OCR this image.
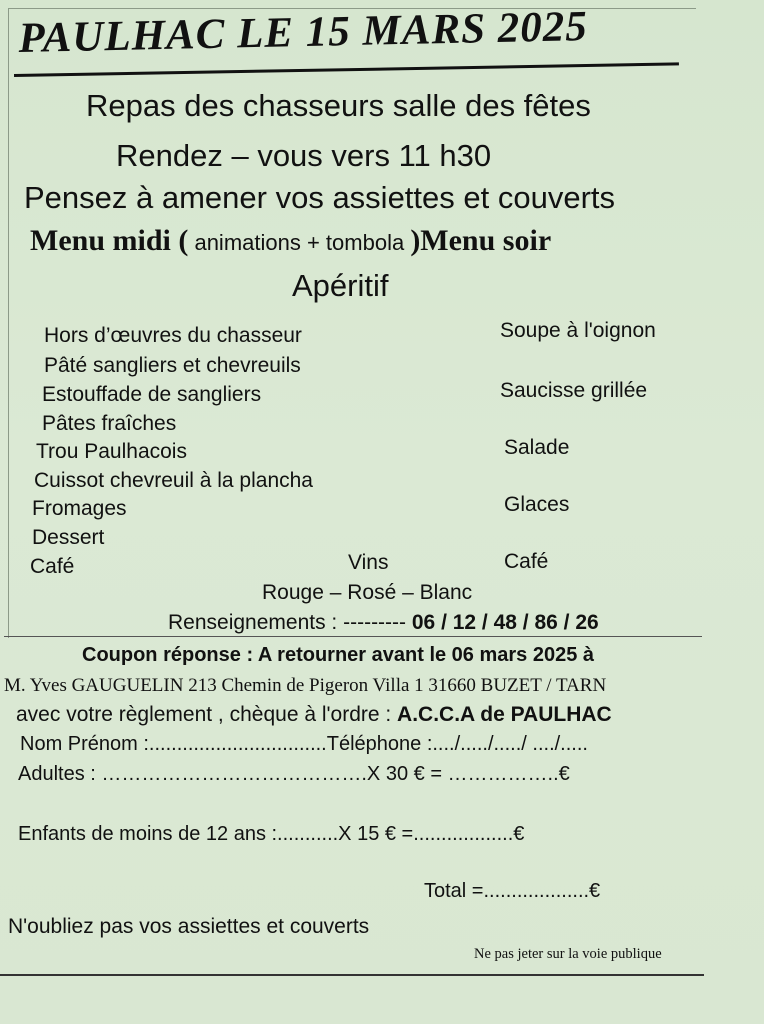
PAULHAC LE 15 MARS 2025
Repas des chasseurs salle des fêtes
Rendez – vous vers 11 h30
Pensez à amener vos assiettes et couverts
Menu midi ( animations + tombola )Menu soir
Apéritif
Hors d’œuvres du chasseur
Pâté sangliers et chevreuils
Estouffade de sangliers
Pâtes fraîches
Trou Paulhacois
Cuissot chevreuil à la plancha
Fromages
Dessert
Café
Soupe à l'oignon
Saucisse grillée
Salade
Glaces
Café
Vins
Rouge – Rosé – Blanc
Renseignements : --------- 06 / 12 / 48 / 86 / 26
Coupon réponse : A retourner avant le 06 mars 2025 à
M. Yves GAUGUELIN 213 Chemin de Pigeron Villa 1 31660 BUZET / TARN
avec votre règlement , chèque à l'ordre : A.C.C.A de PAULHAC
Nom Prénom :................................Téléphone :..../...../...../ ..../.....
Adultes : ………………………………….X 30 € = ……………..€
Enfants de moins de 12 ans :...........X 15 € =..................€
Total =...................€
N'oubliez pas vos assiettes et couverts
Ne pas jeter sur la voie publique
